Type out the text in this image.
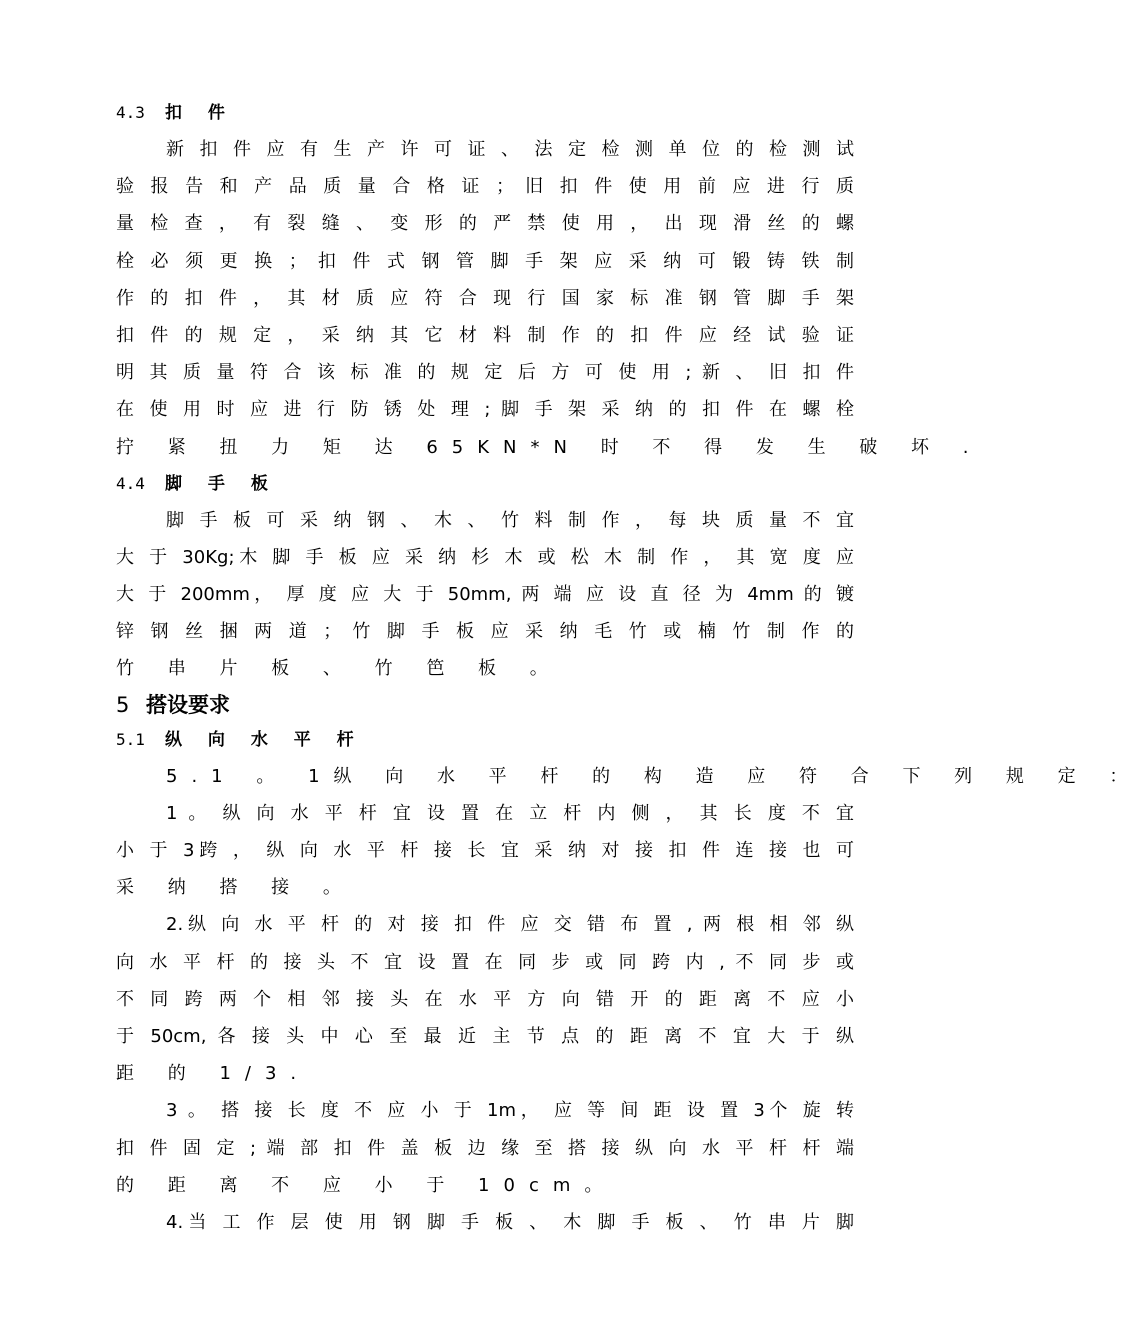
4.3 扣 件
新 扣 件 应 有 生 产 许 可 证 、 法 定 检 测 单 位 的 检 测 试
验 报 告 和 产 品 质 量 合 格 证 ； 旧 扣 件 使 用 前 应 进 行 质
量 检 查 ， 有 裂 缝 、 变 形 的 严 禁 使 用 ， 出 现 滑 丝 的 螺
栓 必 须 更 换 ； 扣 件 式 钢 管 脚 手 架 应 采 纳 可 锻 铸 铁 制
作 的 扣 件 ， 其 材 质 应 符 合 现 行 国 家 标 准 钢 管 脚 手 架
扣 件 的 规 定 ， 采 纳 其 它 材 料 制 作 的 扣 件 应 经 试 验 证
明 其 质 量 符 合 该 标 准 的 规 定 后 方 可 使 用 ; 新 、 旧 扣 件
在 使 用 时 应 进 行 防 锈 处 理 ; 脚 手 架 采 纳 的 扣 件 在 螺 栓
拧 紧 扭 力 矩 达 65KN*N 时 不 得 发 生 破 坏 .
4.4 脚 手 板
脚 手 板 可 采 纳 钢 、 木 、 竹 料 制 作 ， 每 块 质 量 不 宜
大 于 30Kg;木 脚 手 板 应 采 纳 杉 木 或 松 木 制 作 ， 其 宽 度 应
大 于 200mm， 厚 度 应 大 于 50mm, 两 端 应 设 直 径 为 4mm 的 镀
锌 钢 丝 捆 两 道 ； 竹 脚 手 板 应 采 纳 毛 竹 或 楠 竹 制 作 的
竹 串 片 板 、 竹 笆 板 。
5 搭设要求
5.1 纵 向 水 平 杆
5.1 。 1纵 向 水 平 杆 的 构 造 应 符 合 下 列 规 定 ：
1 。 纵 向 水 平 杆 宜 设 置 在 立 杆 内 侧 ， 其 长 度 不 宜
小 于 3跨 ， 纵 向 水 平 杆 接 长 宜 采 纳 对 接 扣 件 连 接 也 可
采 纳 搭 接 。
2.纵 向 水 平 杆 的 对 接 扣 件 应 交 错 布 置 , 两 根 相 邻 纵
向 水 平 杆 的 接 头 不 宜 设 置 在 同 步 或 同 跨 内 , 不 同 步 或
不 同 跨 两 个 相 邻 接 头 在 水 平 方 向 错 开 的 距 离 不 应 小
于 50cm, 各 接 头 中 心 至 最 近 主 节 点 的 距 离 不 宜 大 于 纵
距 的 1/3.
3 。 搭 接 长 度 不 应 小 于 1m， 应 等 间 距 设 置 3个 旋 转
扣 件 固 定 ; 端 部 扣 件 盖 板 边 缘 至 搭 接 纵 向 水 平 杆 杆 端
的 距 离 不 应 小 于 10cm。
4.当 工 作 层 使 用 钢 脚 手 板 、 木 脚 手 板 、 竹 串 片 脚
